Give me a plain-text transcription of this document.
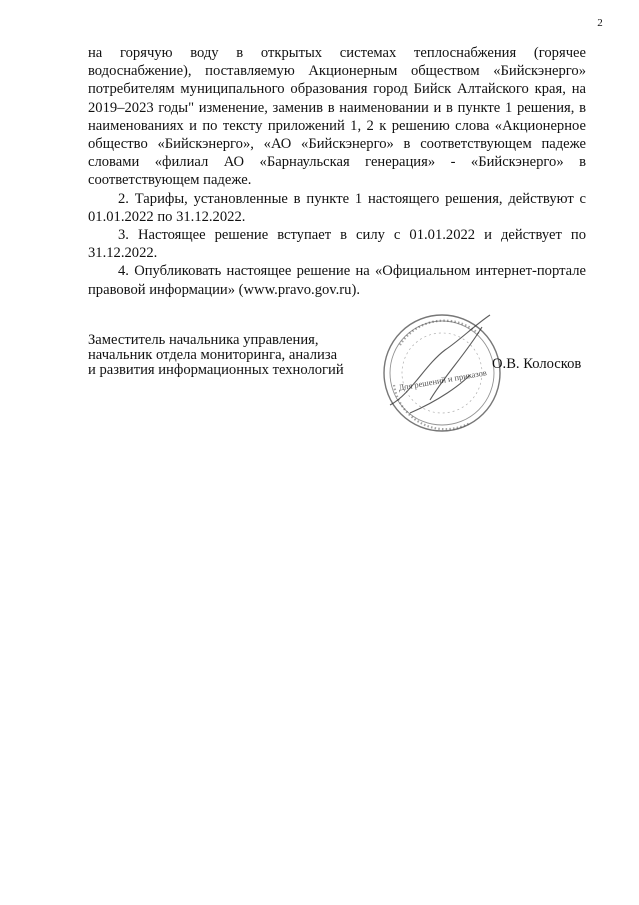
2

на горячую воду в открытых системах теплоснабжения (горячее водоснабжение), поставляемую Акционерным обществом «Бийскэнерго» потребителям муниципального образования город Бийск Алтайского края, на 2019–2023 годы" изменение, заменив в наименовании и в пункте 1 решения, в наименованиях и по тексту приложений 1, 2 к решению слова «Акционерное общество «Бийскэнерго», «АО «Бийскэнерго» в соответствующем падеже словами «филиал АО «Барнаульская генерация» - «Бийскэнерго» в соответствующем падеже.

2. Тарифы, установленные в пункте 1 настоящего решения, действуют с 01.01.2022 по 31.12.2022.

3. Настоящее решение вступает в силу с 01.01.2022 и действует по 31.12.2022.

4. Опубликовать настоящее решение на «Официальном интернет-портале правовой информации» (www.pravo.gov.ru).

Заместитель начальника управления,
начальник отдела мониторинга, анализа
и развития информационных технологий	Для решений и приказов
О.В. Колосков
